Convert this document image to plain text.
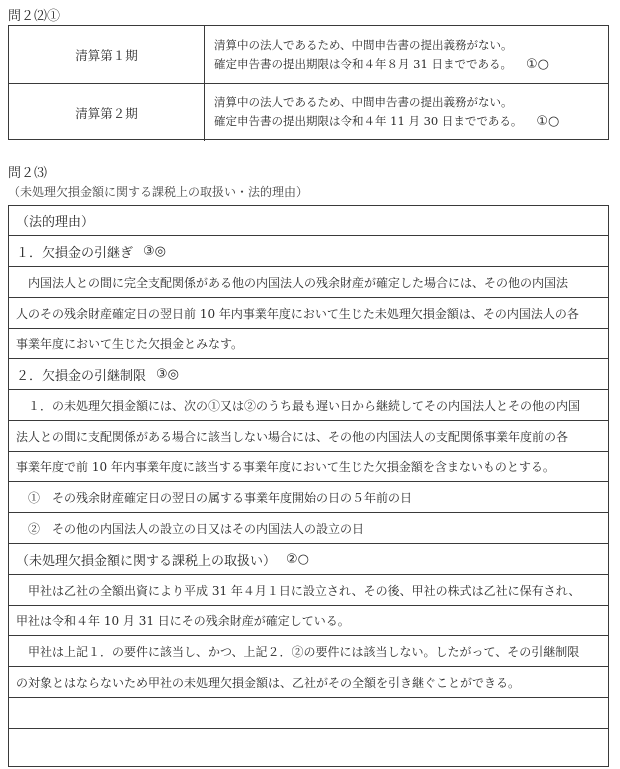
問２⑵①
清算第１期
清算中の法人であるため、中間申告書の提出義務がない。
確定申告書の提出期限は令和４年８月 31 日までである。 ①○
清算第２期
清算中の法人であるため、中間申告書の提出義務がない。
確定申告書の提出期限は令和４年 11 月 30 日までである。 ①○
問２⑶
（未処理欠損金額に関する課税上の取扱い・法的理由）
（法的理由）
１．欠損金の引継ぎ ③◎
　内国法人との間に完全支配関係がある他の内国法人の残余財産が確定した場合には、その他の内国法
人のその残余財産確定日の翌日前 10 年内事業年度において生じた未処理欠損金額は、その内国法人の各
事業年度において生じた欠損金とみなす。
２．欠損金の引継制限 ③◎
　１．の未処理欠損金額には、次の①又は②のうち最も遅い日から継続してその内国法人とその他の内国
法人との間に支配関係がある場合に該当しない場合には、その他の内国法人の支配関係事業年度前の各
事業年度で前 10 年内事業年度に該当する事業年度において生じた欠損金額を含まないものとする。
　①　その残余財産確定日の翌日の属する事業年度開始の日の５年前の日
　②　その他の内国法人の設立の日又はその内国法人の設立の日
（未処理欠損金額に関する課税上の取扱い） ②○
　甲社は乙社の全額出資により平成 31 年４月１日に設立され、その後、甲社の株式は乙社に保有され、
甲社は令和４年 10 月 31 日にその残余財産が確定している。
　甲社は上記１．の要件に該当し、かつ、上記２．②の要件には該当しない。したがって、その引継制限
の対象とはならないため甲社の未処理欠損金額は、乙社がその全額を引き継ぐことができる。
